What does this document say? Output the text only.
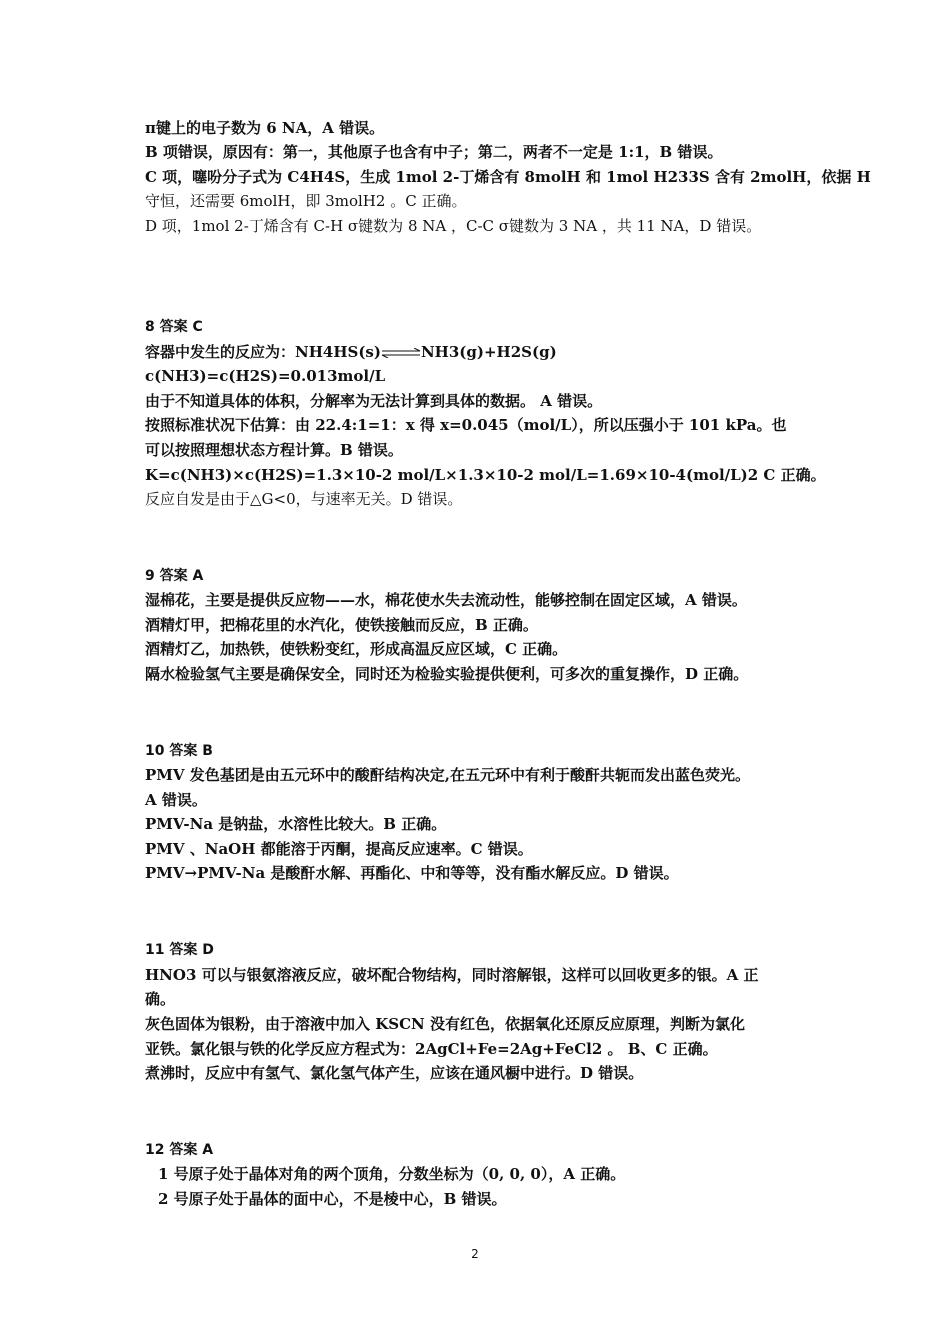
π键上的电子数为 6 NA，A 错误。
B 项错误，原因有：第一，其他原子也含有中子；第二，两者不一定是 1:1，B 错误。
C 项，噻吩分子式为 C4H4S，生成 1mol 2-丁烯含有 8molH 和 1mol H233S 含有 2molH，依据 H
守恒，还需要 6molH，即 3molH2 。C 正确。
D 项，1mol 2-丁烯含有 C-H σ键数为 8 NA ，C-C σ键数为 3 NA ，共 11 NA，D 错误。
8 答案 C
容器中发生的反应为：NH4HS(s)⇌NH3(g)+H2S(g)
c(NH3)=c(H2S)=0.013mol/L
由于不知道具体的体积，分解率为无法计算到具体的数据。 A 错误。
按照标准状况下估算：由 22.4:1=1：x 得 x=0.045（mol/L），所以压强小于 101 kPa。也
可以按照理想状态方程计算。B 错误。
K=c(NH3)×c(H2S)=1.3×10-2 mol/L×1.3×10-2 mol/L=1.69×10-4(mol/L)2 C 正确。
反应自发是由于△G<0，与速率无关。D 错误。
9 答案 A
湿棉花，主要是提供反应物——水，棉花使水失去流动性，能够控制在固定区域，A 错误。
酒精灯甲，把棉花里的水汽化，使铁接触而反应，B 正确。
酒精灯乙，加热铁，使铁粉变红，形成高温反应区域，C 正确。
隔水检验氢气主要是确保安全，同时还为检验实验提供便利，可多次的重复操作，D 正确。
10 答案 B
PMV 发色基团是由五元环中的酸酐结构决定,在五元环中有利于酸酐共轭而发出蓝色荧光。
A 错误。
PMV-Na 是钠盐，水溶性比较大。B 正确。
PMV 、NaOH 都能溶于丙酮，提高反应速率。C 错误。
PMV→PMV-Na 是酸酐水解、再酯化、中和等等，没有酯水解反应。D 错误。
11 答案 D
HNO3 可以与银氨溶液反应，破坏配合物结构，同时溶解银，这样可以回收更多的银。A 正
确。
灰色固体为银粉，由于溶液中加入 KSCN 没有红色，依据氧化还原反应原理，判断为氯化
亚铁。氯化银与铁的化学反应方程式为：2AgCl+Fe=2Ag+FeCl2 。 B、C 正确。
煮沸时，反应中有氢气、氯化氢气体产生，应该在通风橱中进行。D 错误。
12 答案 A
1 号原子处于晶体对角的两个顶角，分数坐标为（0, 0, 0），A 正确。
2 号原子处于晶体的面中心，不是棱中心，B 错误。
2
